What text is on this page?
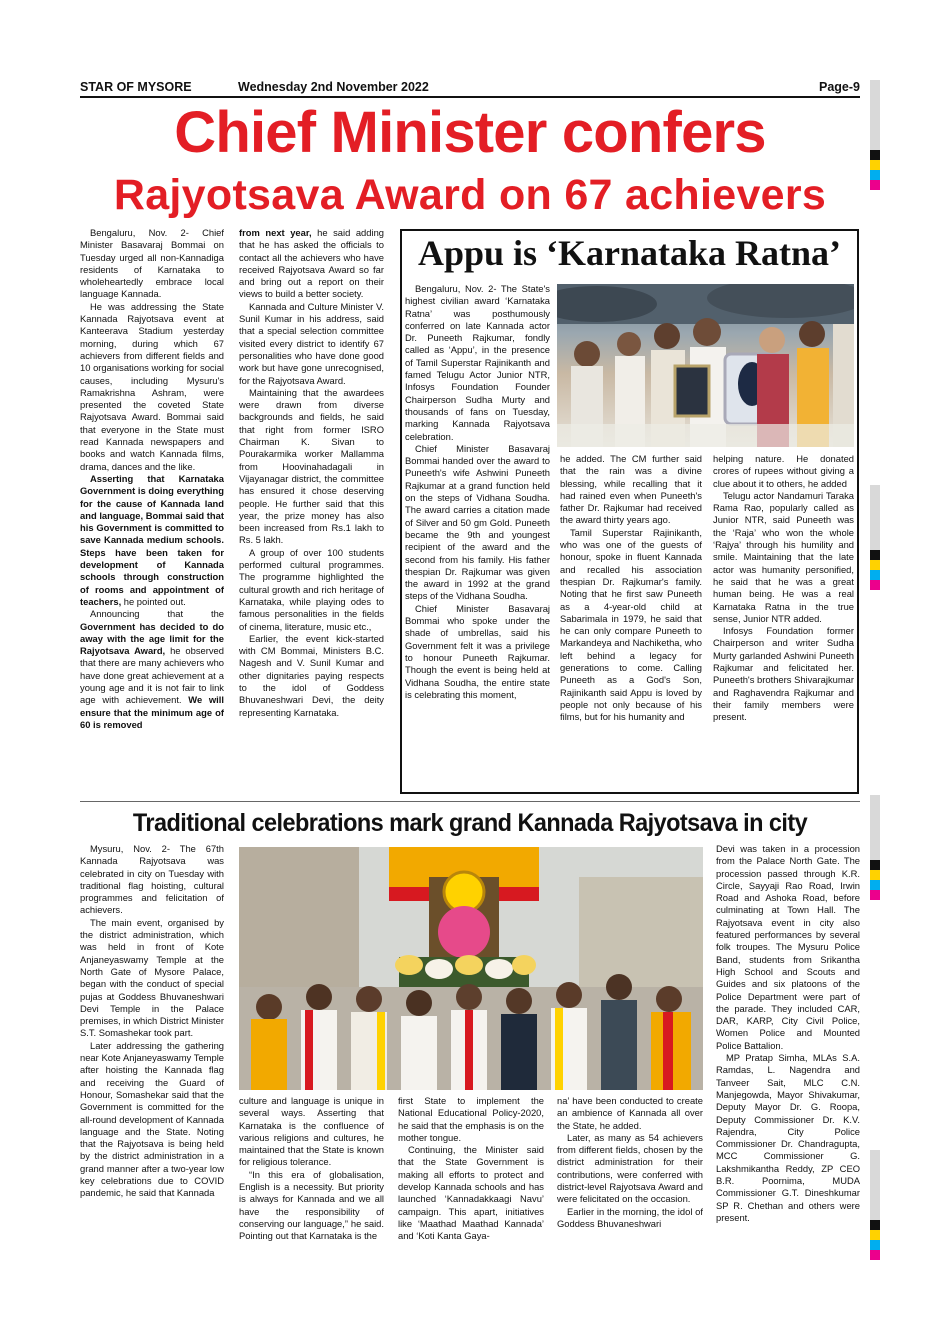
STAR OF MYSORE	Wednesday 2nd November 2022	Page-9
Chief Minister confers
Rajyotsava Award on 67 achievers

Bengaluru, Nov. 2- Chief Minister Basavaraj Bommai on Tuesday urged all non-Kannadiga residents of Karnataka to wholeheartedly embrace local language Kannada.

He was addressing the State Kannada Rajyotsava event at Kanteerava Stadium yesterday morning, during which 67 achievers from different fields and 10 organisations working for social causes, including Mysuru's Ramakrishna Ashram, were presented the coveted State Rajyotsava Award. Bommai said that everyone in the State must read Kannada newspapers and books and watch Kannada films, drama, dances and the like.

Asserting that Karnataka Government is doing everything for the cause of Kannada land and language, Bommai said that his Government is committed to save Kannada medium schools. Steps have been taken for development of Kannada schools through construction of rooms and appointment of teachers, he pointed out.

Announcing that the Government has decided to do away with the age limit for the Rajyotsava Award, he observed that there are many achievers who have done great achievement at a young age and it is not fair to link age with achievement. We will ensure that the minimum age of 60 is removed

from next year, he said adding that he has asked the officials to contact all the achievers who have received Rajyotsava Award so far and bring out a report on their views to build a better society.

Kannada and Culture Minister V. Sunil Kumar in his address, said that a special selection committee visited every district to identify 67 personalities who have done good work but have gone unrecognised, for the Rajyotsava Award.

Maintaining that the awardees were drawn from diverse backgrounds and fields, he said that right from former ISRO Chairman K. Sivan to Pourakarmika worker Mallamma from Hoovinahadagali in Vijayanagar district, the committee has ensured it chose deserving people. He further said that this year, the prize money has also been increased from Rs.1 lakh to Rs. 5 lakh.

A group of over 100 students performed cultural programmes. The programme highlighted the cultural growth and rich heritage of Karnataka, while playing odes to famous personalities in the fields of cinema, literature, music etc.,

Earlier, the event kick-started with CM Bommai, Ministers B.C. Nagesh and V. Sunil Kumar and other dignitaries paying respects to the idol of Goddess Bhuvaneshwari Devi, the deity representing Karnataka.

Appu is ‘Karnataka Ratna’

Bengaluru, Nov. 2- The State's highest civilian award ‘Karnataka Ratna’ was posthumously conferred on late Kannada actor Dr. Puneeth Rajkumar, fondly called as ‘Appu’, in the presence of Tamil Superstar Rajinikanth and famed Telugu Actor Junior NTR, Infosys Foundation Founder Chairperson Sudha Murty and thousands of fans on Tuesday, marking Kannada Rajyotsava celebration.

Chief Minister Basavaraj Bommai handed over the award to Puneeth's wife Ashwini Puneeth Rajkumar at a grand function held on the steps of Vidhana Soudha. The award carries a citation made of Silver and 50 gm Gold. Puneeth became the 9th and youngest recipient of the award and the second from his family. His father thespian Dr. Rajkumar was given the award in 1992 at the grand steps of the Vidhana Soudha.

Chief Minister Basavaraj Bommai who spoke under the shade of umbrellas, said his Government felt it was a privilege to honour Puneeth Rajkumar. Though the event is being held at Vidhana Soudha, the entire state is celebrating this moment,

he added. The CM further said that the rain was a divine blessing, while recalling that it had rained even when Puneeth's father Dr. Rajkumar had received the award thirty years ago.

Tamil Superstar Rajinikanth, who was one of the guests of honour, spoke in fluent Kannada and recalled his association thespian Dr. Rajkumar's family. Noting that he first saw Puneeth as a 4-year-old child at Sabarimala in 1979, he said that he can only compare Puneeth to Markandeya and Nachiketha, who left behind a legacy for generations to come. Calling Puneeth as a God's Son, Rajinikanth said Appu is loved by people not only because of his films, but for his humanity and

helping nature. He donated crores of rupees without giving a clue about it to others, he added

Telugu actor Nandamuri Taraka Rama Rao, popularly called as Junior NTR, said Puneeth was the ‘Raja’ who won the whole ‘Rajya’ through his humility and smile. Maintaining that the late actor was humanity personified, he said that he was a great human being. He was a real Karnataka Ratna in the true sense, Junior NTR added.

Infosys Foundation former Chairperson and writer Sudha Murty garlanded Ashwini Puneeth Rajkumar and felicitated her. Puneeth's brothers Shivarajkumar and Raghavendra Rajkumar and their family members were present.

Traditional celebrations mark grand Kannada Rajyotsava in city

Mysuru, Nov. 2- The 67th Kannada Rajyotsava was celebrated in city on Tuesday with traditional flag hoisting, cultural programmes and felicitation of achievers.

The main event, organised by the district administration, which was held in front of Kote Anjaneyaswamy Temple at the North Gate of Mysore Palace, began with the conduct of special pujas at Goddess Bhuvaneshwari Devi Temple in the Palace premises, in which District Minister S.T. Somashekar took part.

Later addressing the gathering near Kote Anjaneyaswamy Temple after hoisting the Kannada flag and receiving the Guard of Honour, Somashekar said that the Government is committed for the all-round development of Kannada language and the State. Noting that the Rajyotsava is being held by the district administration in a grand manner after a two-year low key celebrations due to COVID pandemic, he said that Kannada

culture and language is unique in several ways. Asserting that Karnataka is the confluence of various religions and cultures, he maintained that the State is known for religious tolerance.

“In this era of globalisation, English is a necessity. But priority is always for Kannada and we all have the responsibility of conserving our language,” he said. Pointing out that Karnataka is the

first State to implement the National Educational Policy-2020, he said that the emphasis is on the mother tongue.

Continuing, the Minister said that the State Government is making all efforts to protect and develop Kannada schools and has launched ‘Kannadakkaagi Navu’ campaign. This apart, initiatives like ‘Maathad Maathad Kannada’ and ‘Koti Kanta Gaya-

na’ have been conducted to create an ambience of Kannada all over the State, he added.

Later, as many as 54 achievers from different fields, chosen by the district administration for their contributions, were conferred with district-level Rajyotsava Award and were felicitated on the occasion.

Earlier in the morning, the idol of Goddess Bhuvaneshwari

Devi was taken in a procession from the Palace North Gate. The procession passed through K.R. Circle, Sayyaji Rao Road, Irwin Road and Ashoka Road, before culminating at Town Hall. The Rajyotsava event in city also featured performances by several folk troupes. The Mysuru Police Band, students from Srikantha High School and Scouts and Guides and six platoons of the Police Department were part of the parade. They included CAR, DAR, KARP, City Civil Police, Women Police and Mounted Police Battalion.

MP Pratap Simha, MLAs S.A. Ramdas, L. Nagendra and Tanveer Sait, MLC C.N. Manjegowda, Mayor Shivakumar, Deputy Mayor Dr. G. Roopa, Deputy Commissioner Dr. K.V. Rajendra, City Police Commissioner Dr. Chandragupta, MCC Commissioner G. Lakshmikantha Reddy, ZP CEO B.R. Poornima, MUDA Commissioner G.T. Dineshkumar SP R. Chethan and others were present.
